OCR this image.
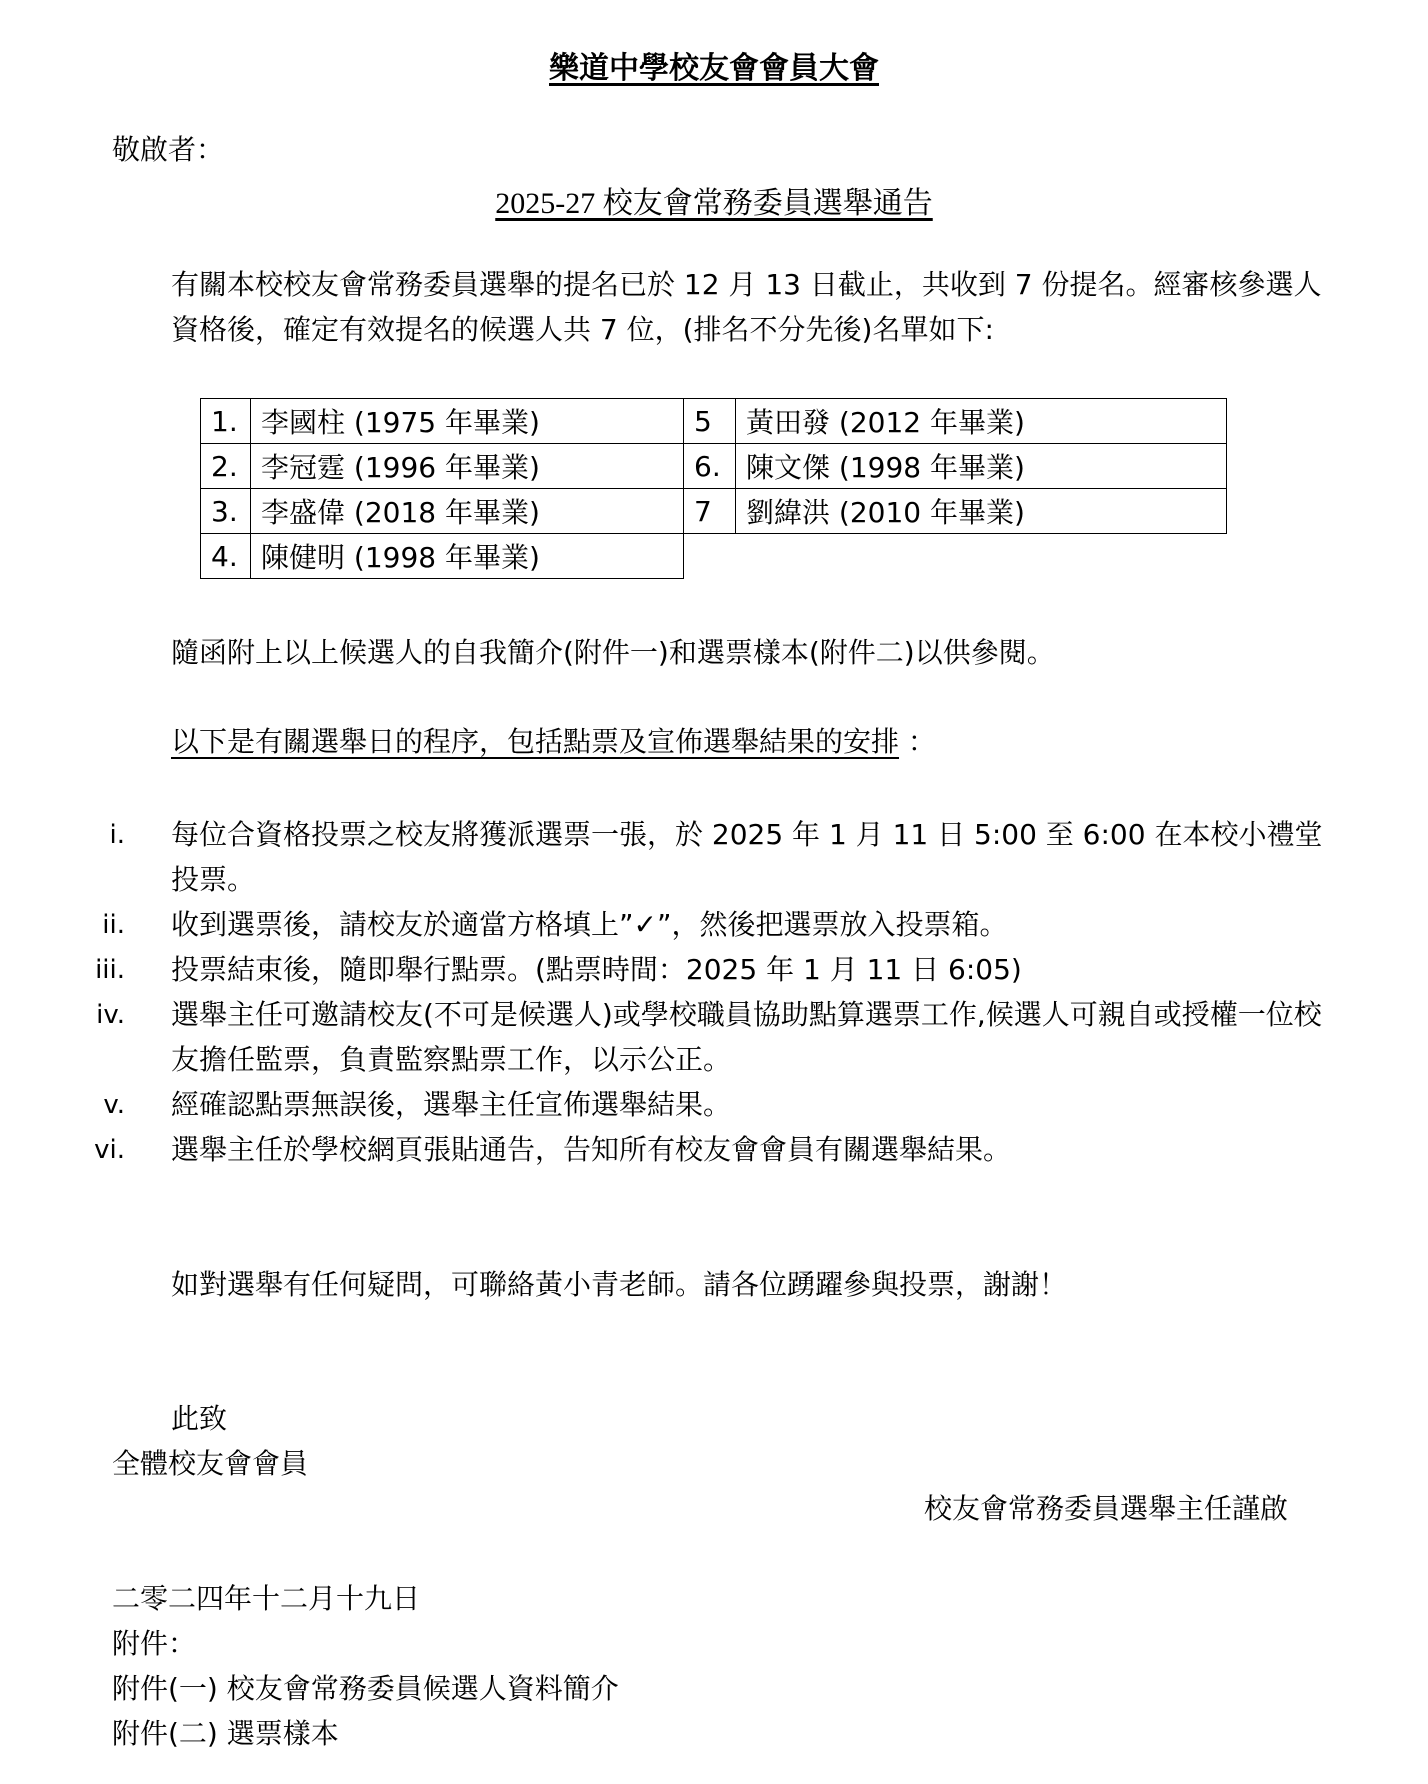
樂道中學校友會會員大會
敬啟者：
2025-27 校友會常務委員選舉通告
有關本校校友會常務委員選舉的提名已於 12 月 13 日截止，共收到 7 份提名。經審核參選人資格後，確定有效提名的候選人共 7 位，(排名不分先後)名單如下:
1.	李國柱 (1975 年畢業)	5	黃田發 (2012 年畢業)
2.	李冠霆 (1996 年畢業)	6.	陳文傑 (1998 年畢業)
3.	李盛偉 (2018 年畢業)	7	劉緯洪 (2010 年畢業)
4.	陳健明 (1998 年畢業)		
隨函附上以上候選人的自我簡介(附件一)和選票樣本(附件二)以供參閱。
以下是有關選舉日的程序，包括點票及宣佈選舉結果的安排 ：
i. 每位合資格投票之校友將獲派選票一張，於 2025 年 1 月 11 日 5:00 至 6:00 在本校小禮堂投票。
ii. 收到選票後，請校友於適當方格填上”✓”，然後把選票放入投票箱。
iii. 投票結束後，隨即舉行點票。(點票時間：2025 年 1 月 11 日 6:05)
iv. 選舉主任可邀請校友(不可是候選人)或學校職員協助點算選票工作,候選人可親自或授權一位校友擔任監票，負責監察點票工作，以示公正。
v. 經確認點票無誤後，選舉主任宣佈選舉結果。
vi. 選舉主任於學校網頁張貼通告，告知所有校友會會員有關選舉結果。
如對選舉有任何疑問，可聯絡黃小青老師。請各位踴躍參與投票，謝謝！
此致
全體校友會會員
校友會常務委員選舉主任謹啟
二零二四年十二月十九日
附件：
附件(一) 校友會常務委員候選人資料簡介
附件(二) 選票樣本
